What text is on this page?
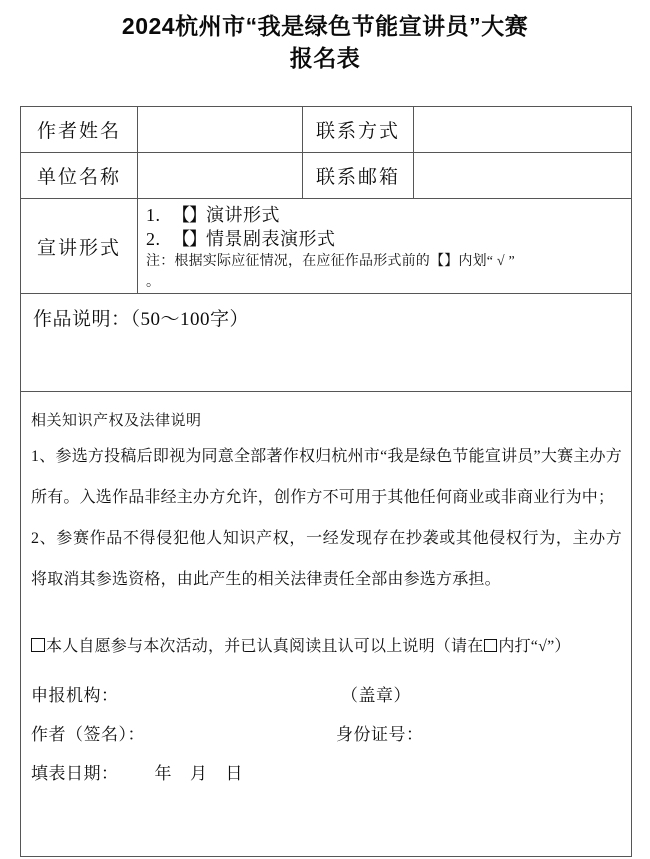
2024杭州市“我是绿色节能宣讲员”大赛
报名表
作者姓名		联系方式	
单位名称		联系邮箱	
宣讲形式	1. 【】演讲形式
2. 【】情景剧表演形式
注：根据实际应征情况，在应征作品形式前的【】内划“ √ ”
。		

作品说明：（50～100字）			

相关知识产权及法律说明

1、参选方投稿后即视为同意全部著作权归杭州市“我是绿色节能宣讲员”大赛主办方所有。入选作品非经主办方允许，创作方不可用于其他任何商业或非商业行为中；

2、参赛作品不得侵犯他人知识产权，一经发现存在抄袭或其他侵权行为，主办方将取消其参选资格，由此产生的相关法律责任全部由参选方承担。

本人自愿参与本次活动，并已认真阅读且认可以上说明（请在 内打“√”）
申报机构：	（盖章）
作者（签名）：	身份证号：
填表日期： 年 月 日
